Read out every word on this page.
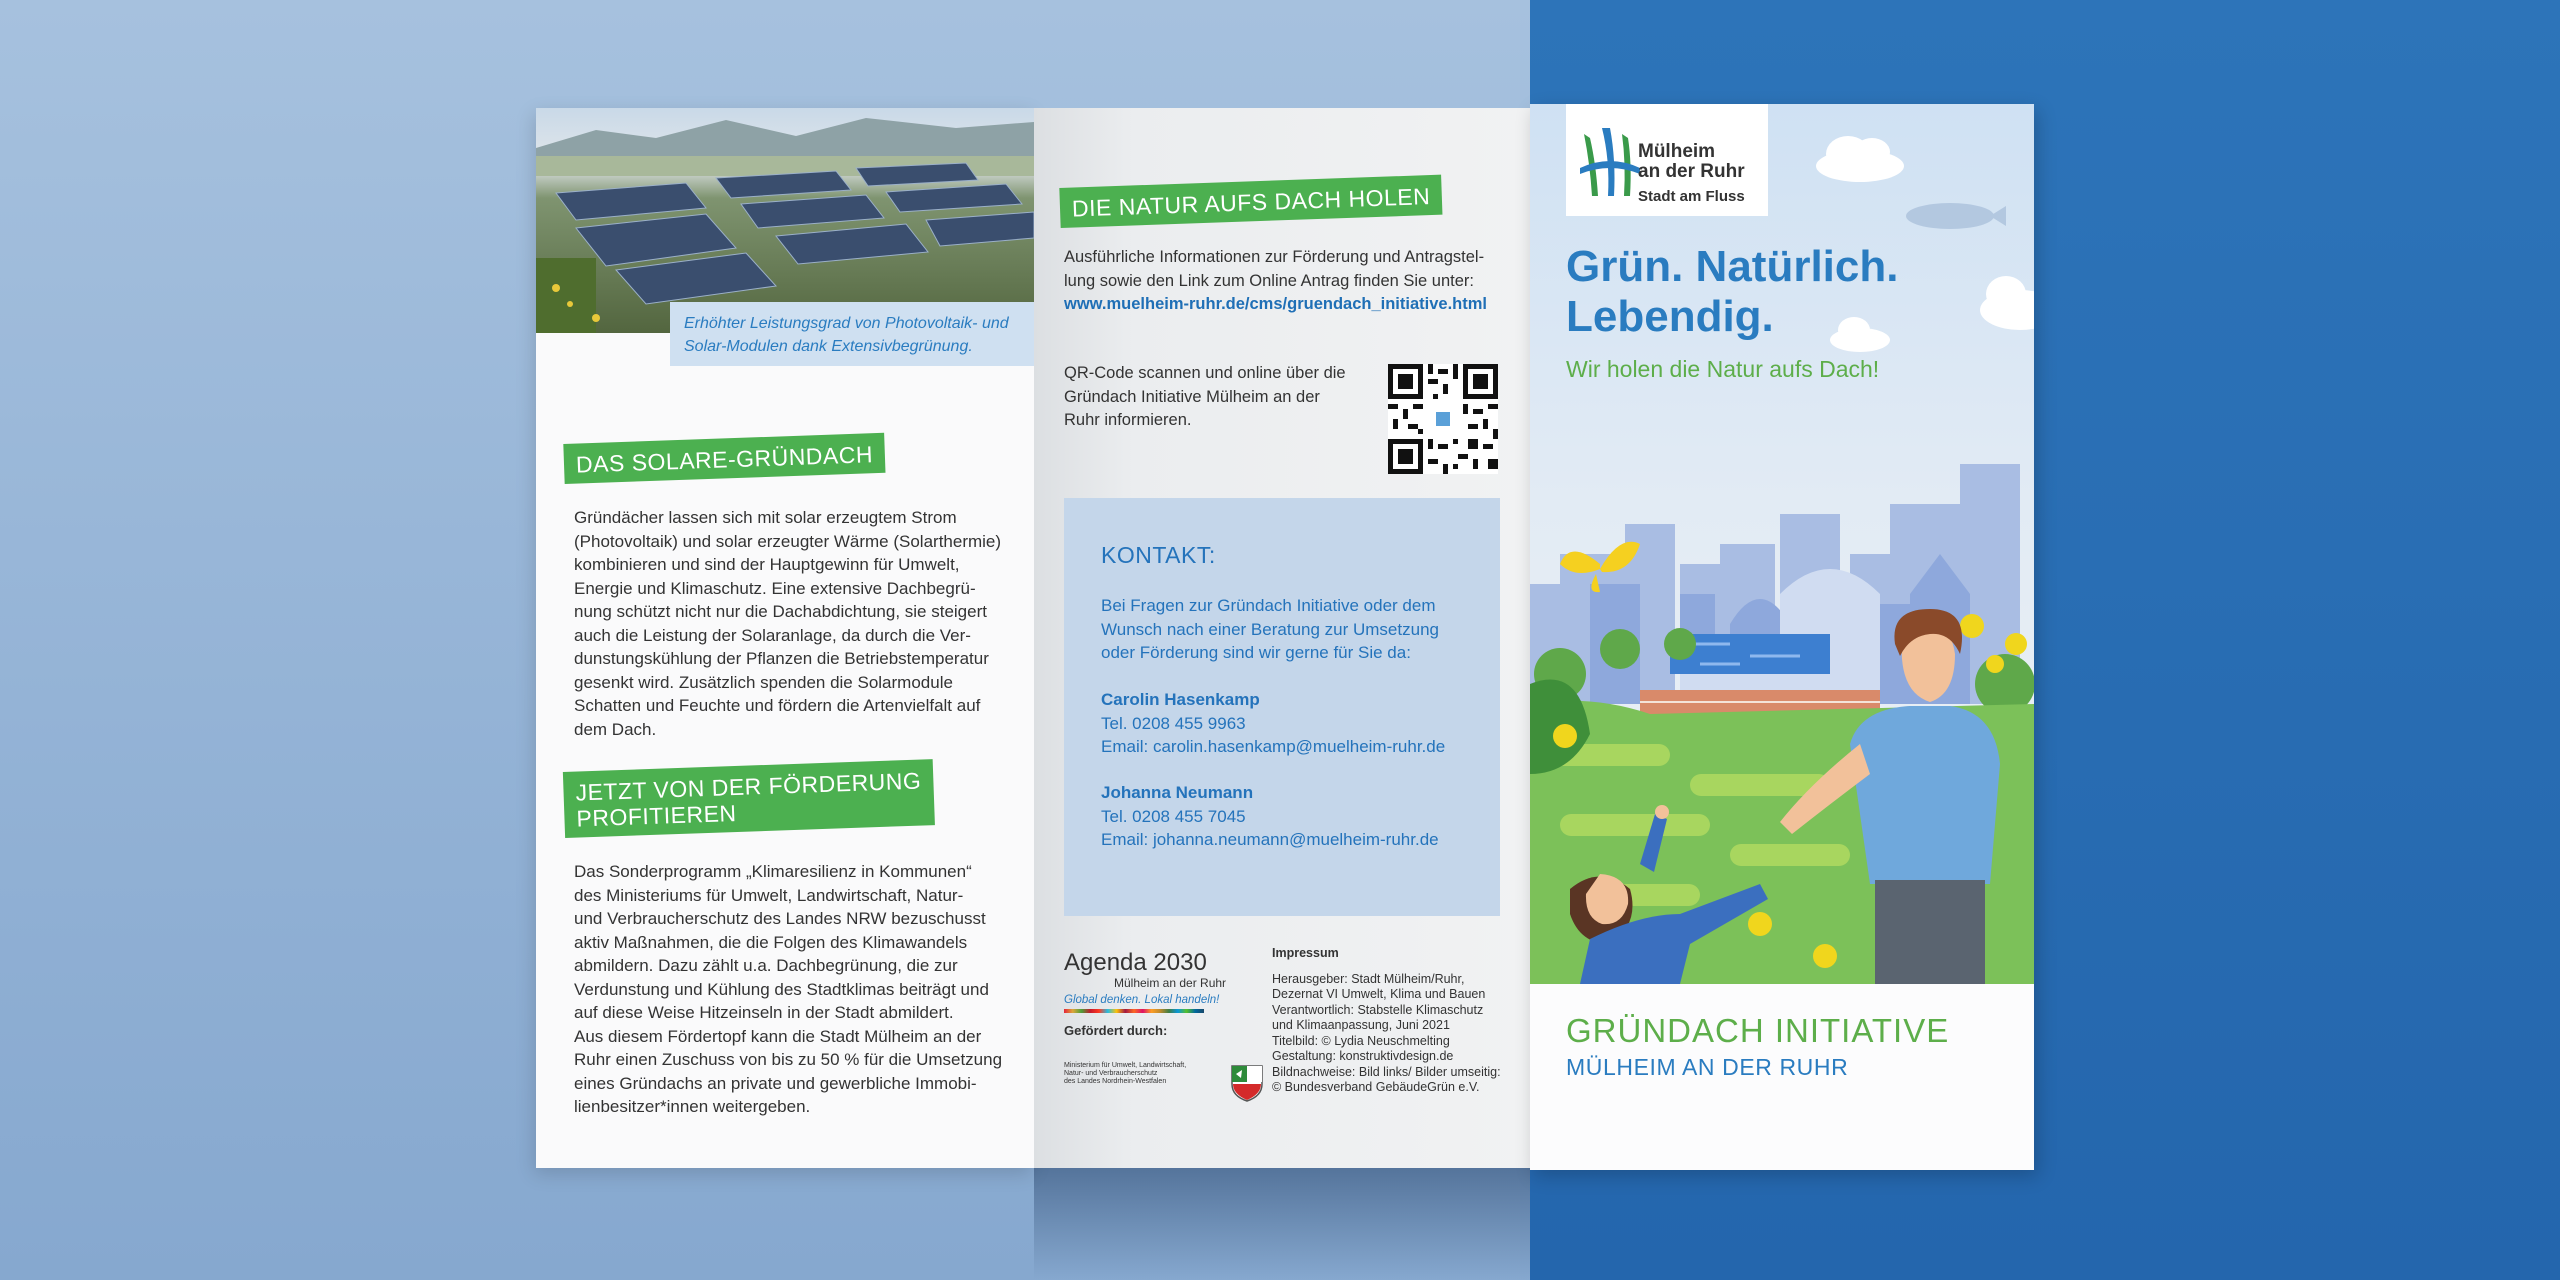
Erhöhter Leistungsgrad von Photovoltaik- und Solar-Modulen dank Extensivbegrünung.
DAS SOLARE-GRÜNDACH
Gründächer lassen sich mit solar erzeugtem Strom
(Photovoltaik) und solar erzeugter Wärme (Solarthermie)
kombinieren und sind der Hauptgewinn für Umwelt,
Energie und Klimaschutz. Eine extensive Dachbegrü-
nung schützt nicht nur die Dachabdichtung, sie steigert
auch die Leistung der Solaranlage, da durch die Ver-
dunstungskühlung der Pflanzen die Betriebstemperatur
gesenkt wird. Zusätzlich spenden die Solarmodule
Schatten und Feuchte und fördern die Artenvielfalt auf
dem Dach.
JETZT VON DER FÖRDERUNG
PROFITIEREN
Das Sonderprogramm „Klimaresilienz in Kommunen“
des Ministeriums für Umwelt, Landwirtschaft, Natur-
und Verbraucherschutz des Landes NRW bezuschusst
aktiv Maßnahmen, die die Folgen des Klimawandels
abmildern. Dazu zählt u.a. Dachbegrünung, die zur
Verdunstung und Kühlung des Stadtklimas beiträgt und
auf diese Weise Hitzeinseln in der Stadt abmildert.
Aus diesem Fördertopf kann die Stadt Mülheim an der
Ruhr einen Zuschuss von bis zu 50 % für die Umsetzung
eines Gründachs an private und gewerbliche Immobi-
lienbesitzer*innen weitergeben.
DIE NATUR AUFS DACH HOLEN
Ausführliche Informationen zur Förderung und Antragstel-
lung sowie den Link zum Online Antrag finden Sie unter:
www.muelheim-ruhr.de/cms/gruendach_initiative.html
QR-Code scannen und online über die
Gründach Initiative Mülheim an der
Ruhr informieren.
KONTAKT:
Bei Fragen zur Gründach Initiative oder dem
Wunsch nach einer Beratung zur Umsetzung
oder Förderung sind wir gerne für Sie da:
Carolin Hasenkamp
Tel. 0208 455 9963
Email: carolin.hasenkamp@muelheim-ruhr.de
Johanna Neumann
Tel. 0208 455 7045
Email: johanna.neumann@muelheim-ruhr.de
Agenda 2030
Mülheim an der Ruhr
Global denken. Lokal handeln!
Gefördert durch:
Ministerium für Umwelt, Landwirtschaft,
Natur- und Verbraucherschutz
des Landes Nordrhein-Westfalen
Impressum
Herausgeber: Stadt Mülheim/Ruhr,
Dezernat VI Umwelt, Klima und Bauen
Verantwortlich: Stabstelle Klimaschutz
und Klimaanpassung, Juni 2021
Titelbild: © Lydia Neuschmelting
Gestaltung: konstruktivdesign.de
Bildnachweise: Bild links/ Bilder umseitig:
© Bundesverband GebäudeGrün e.V.
Mülheim
an der Ruhr
Stadt am Fluss
Grün. Natürlich.
Lebendig.
Wir holen die Natur aufs Dach!
GRÜNDACH INITIATIVE
MÜLHEIM AN DER RUHR
